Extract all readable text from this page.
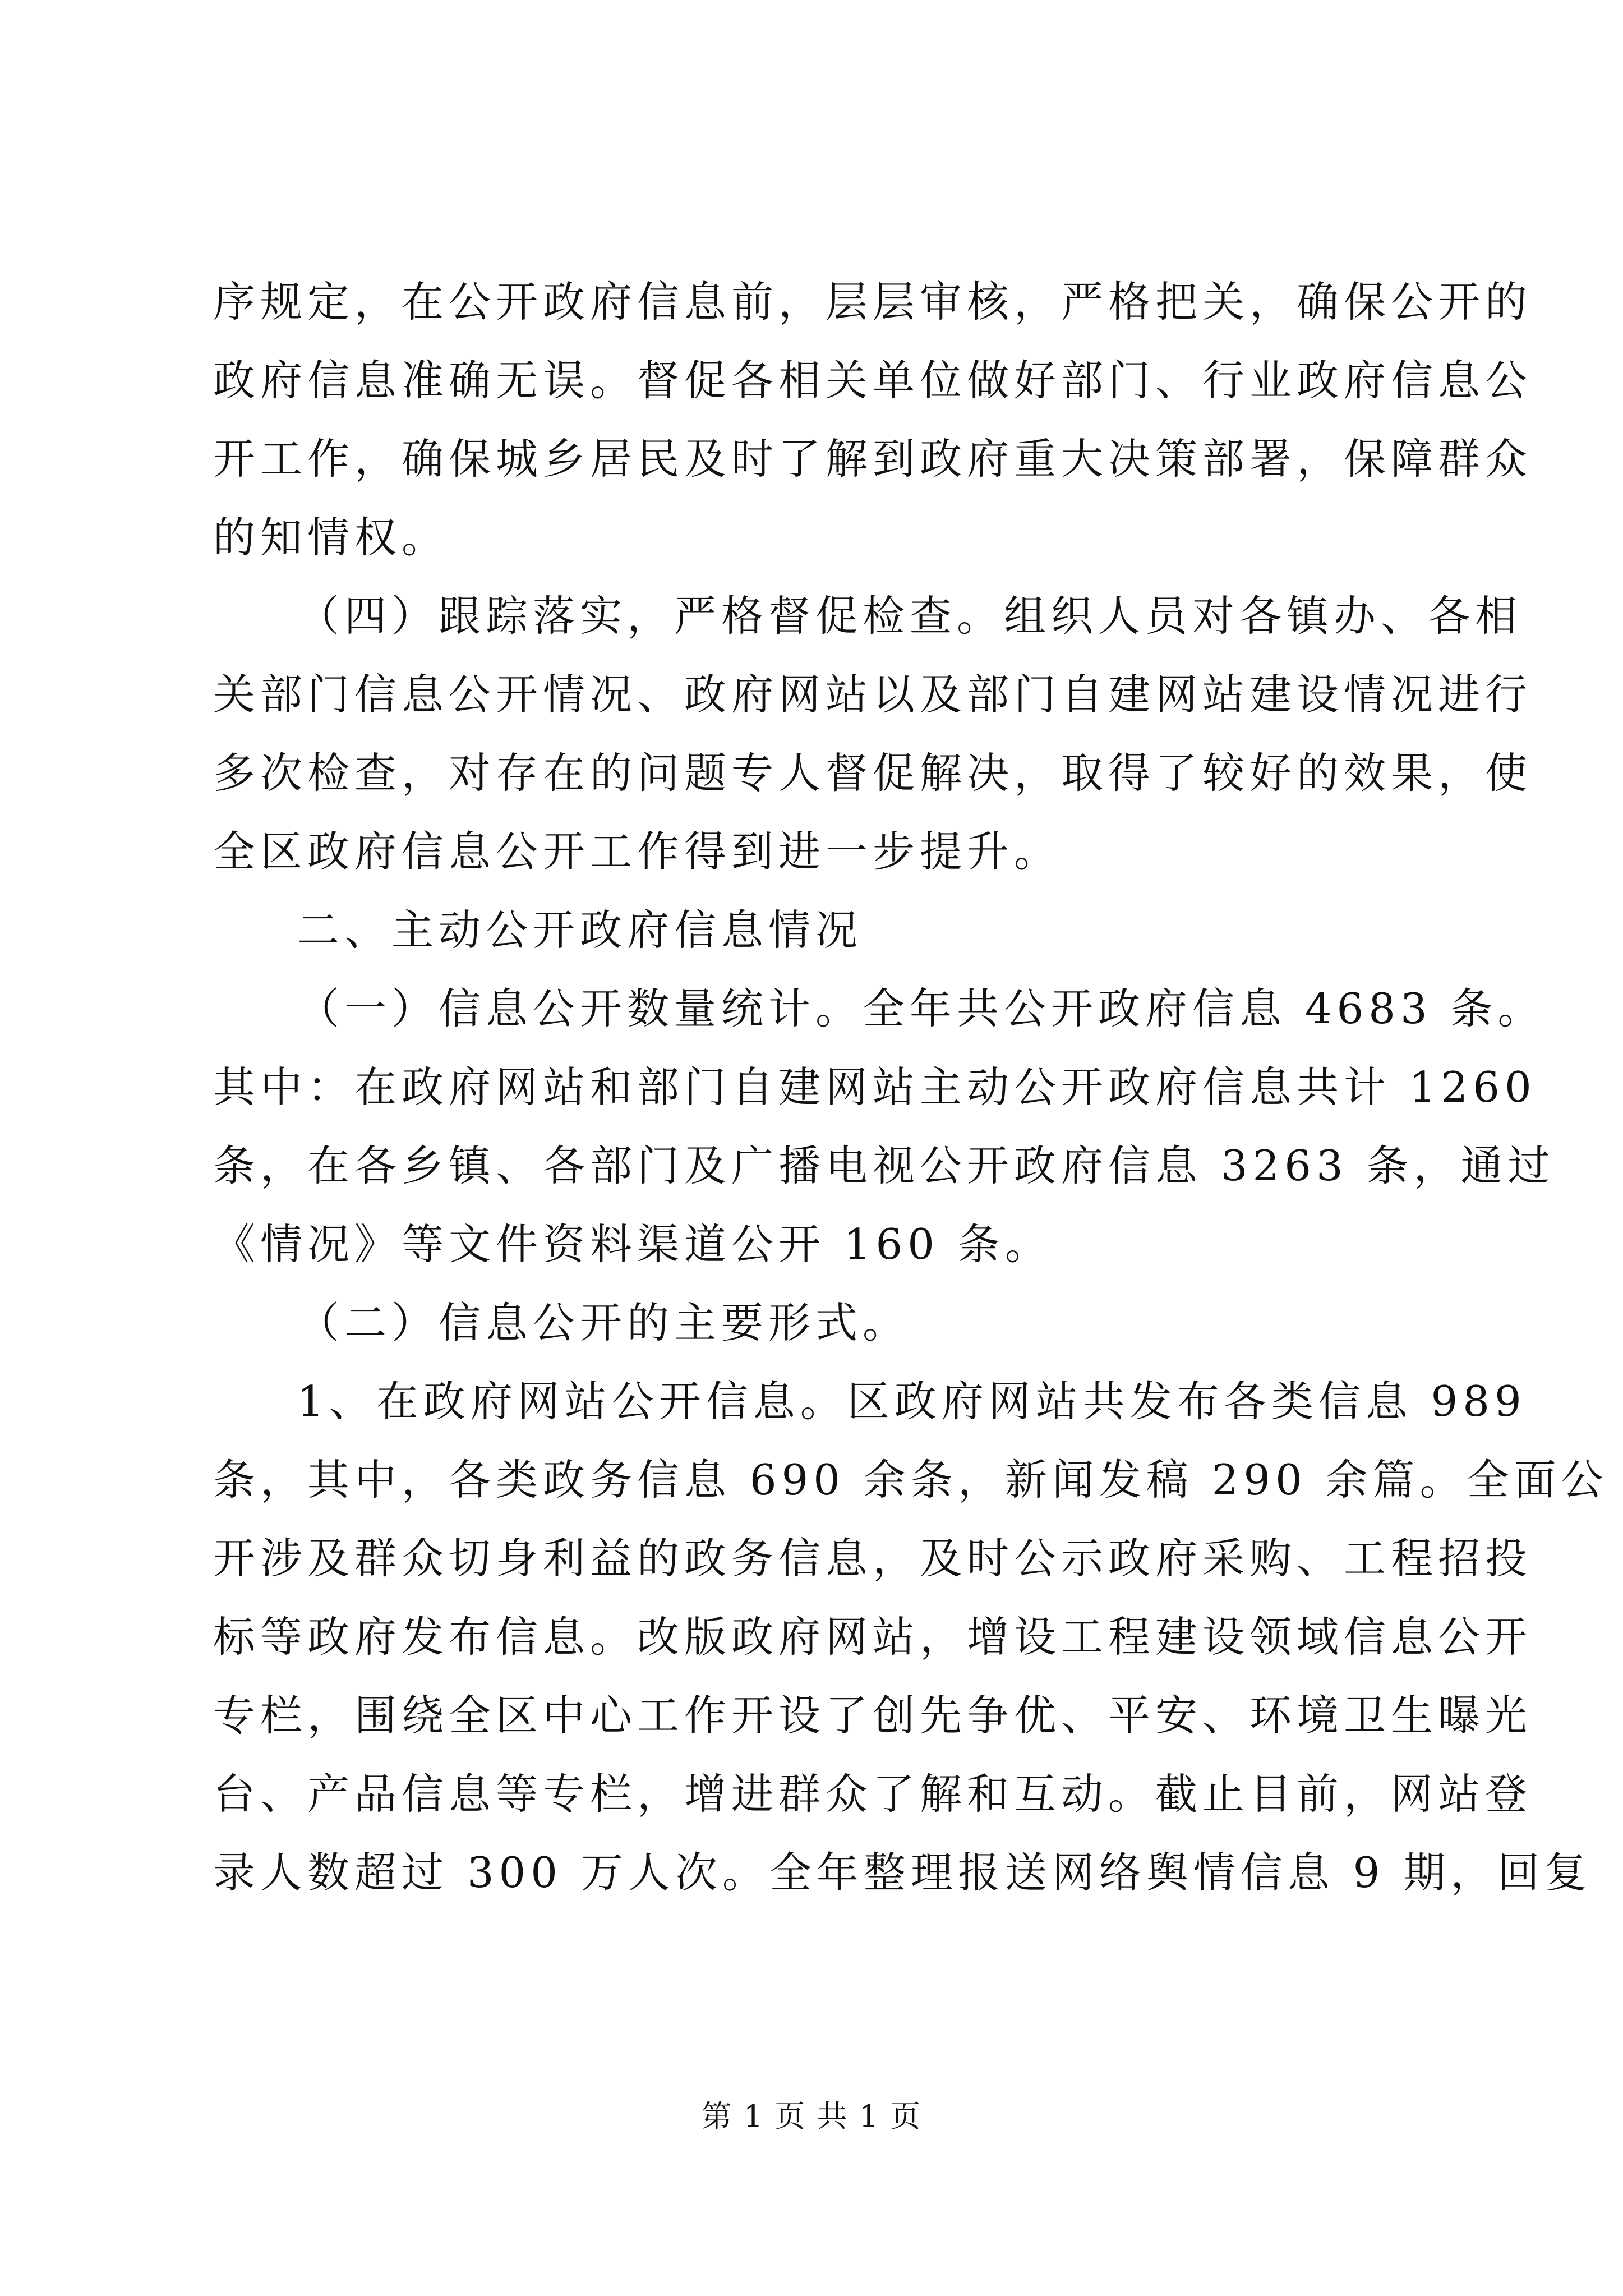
序规定，在公开政府信息前，层层审核，严格把关，确保公开的
政府信息准确无误。督促各相关单位做好部门、行业政府信息公
开工作，确保城乡居民及时了解到政府重大决策部署，保障群众
的知情权。
（四）跟踪落实，严格督促检查。组织人员对各镇办、各相
关部门信息公开情况、政府网站以及部门自建网站建设情况进行
多次检查，对存在的问题专人督促解决，取得了较好的效果，使
全区政府信息公开工作得到进一步提升。
二、主动公开政府信息情况
（一）信息公开数量统计。全年共公开政府信息 4683 条。
其中：在政府网站和部门自建网站主动公开政府信息共计 1260
条，在各乡镇、各部门及广播电视公开政府信息 3263 条，通过
《情况》等文件资料渠道公开 160 条。
（二）信息公开的主要形式。
1、在政府网站公开信息。区政府网站共发布各类信息 989
条，其中，各类政务信息 690 余条，新闻发稿 290 余篇。全面公
开涉及群众切身利益的政务信息，及时公示政府采购、工程招投
标等政府发布信息。改版政府网站，增设工程建设领域信息公开
专栏，围绕全区中心工作开设了创先争优、平安、环境卫生曝光
台、产品信息等专栏，增进群众了解和互动。截止目前，网站登
录人数超过 300 万人次。全年整理报送网络舆情信息 9 期，回复
第 1 页 共 1 页
